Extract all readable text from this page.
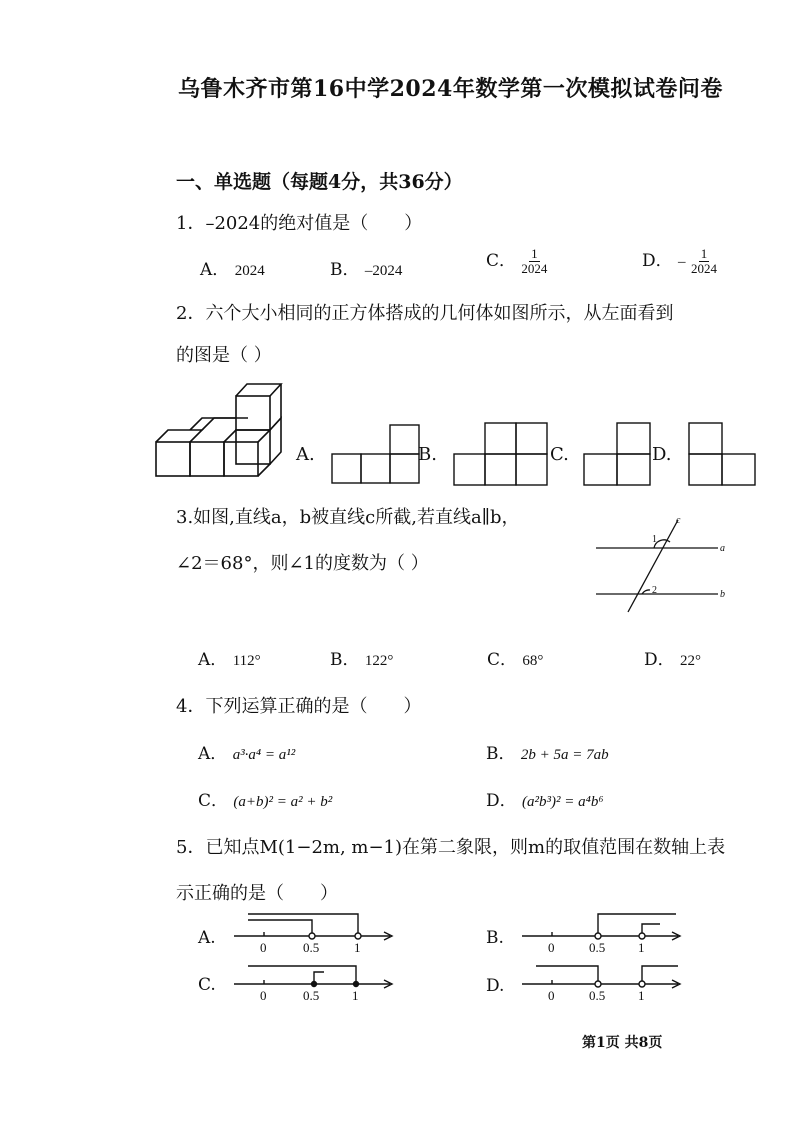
乌鲁木齐市第16中学2024年数学第一次模拟试卷问卷
一、单选题（每题4分，共36分）
1．–2024的绝对值是（　　）
A． 2024	B． –2024	C． $\frac{1}{2024}$	D． – $\frac{1}{2024}$
2．六个大小相同的正方体搭成的几何体如图所示，从左面看到
的图是（ ）
A.	B.	C.	D.
3.如图,直线a，b被直线c所截,若直线a∥b，
∠2＝68°，则∠1的度数为（ ）
c
a
b
1
2
A． 112°	B． 122°	C． 68°	D． 22°
4．下列运算正确的是（　　）
A． a³·a⁴ = a¹²	B． 2b + 5a = 7ab
C． (a+b)² = a² + b²	D． (a²b³)² = a⁴b⁶
5．已知点M(1−2m, m−1)在第二象限，则m的取值范围在数轴上表
示正确的是（　　）
A.	0	0.5	1	B.	0	0.5	1
C.
0	0.5	1	D.	0	0.5	1
第1页 共8页
